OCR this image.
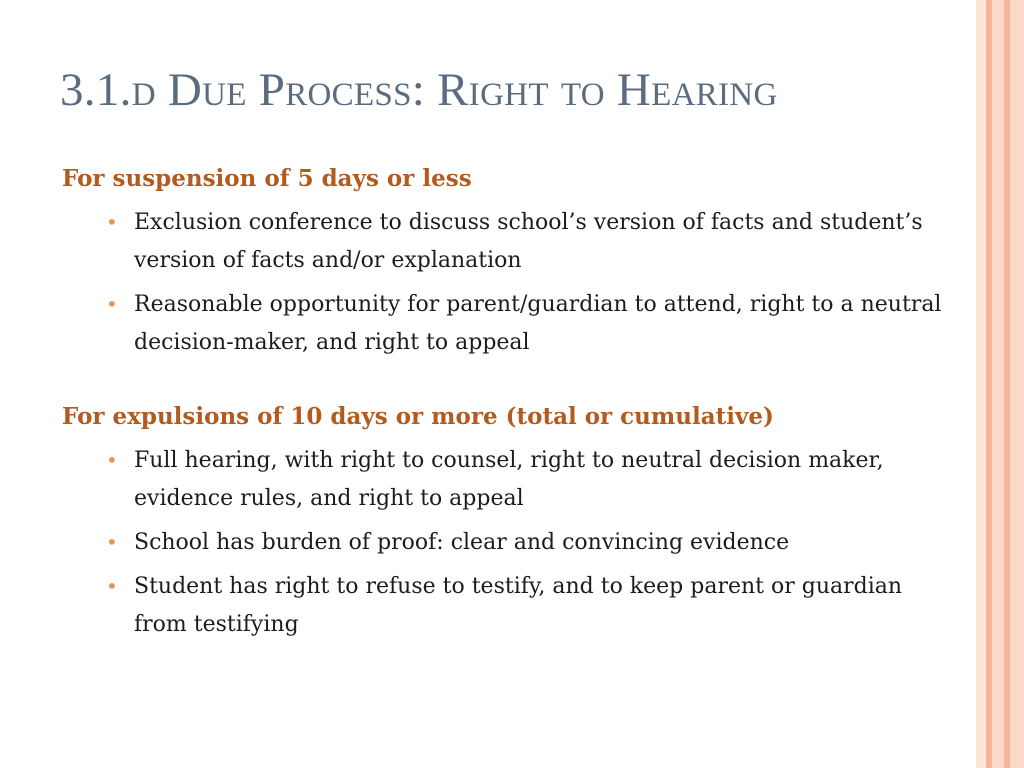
3.1.d Due Process: Right to Hearing

For suspension of 5 days or less

• Exclusion conference to discuss school’s version of facts and student’s version of facts and/or explanation
• Reasonable opportunity for parent/guardian to attend, right to a neutral decision-maker, and right to appeal

For expulsions of 10 days or more (total or cumulative)

• Full hearing, with right to counsel, right to neutral decision maker, evidence rules, and right to appeal
• School has burden of proof: clear and convincing evidence
• Student has right to refuse to testify, and to keep parent or guardian from testifying
